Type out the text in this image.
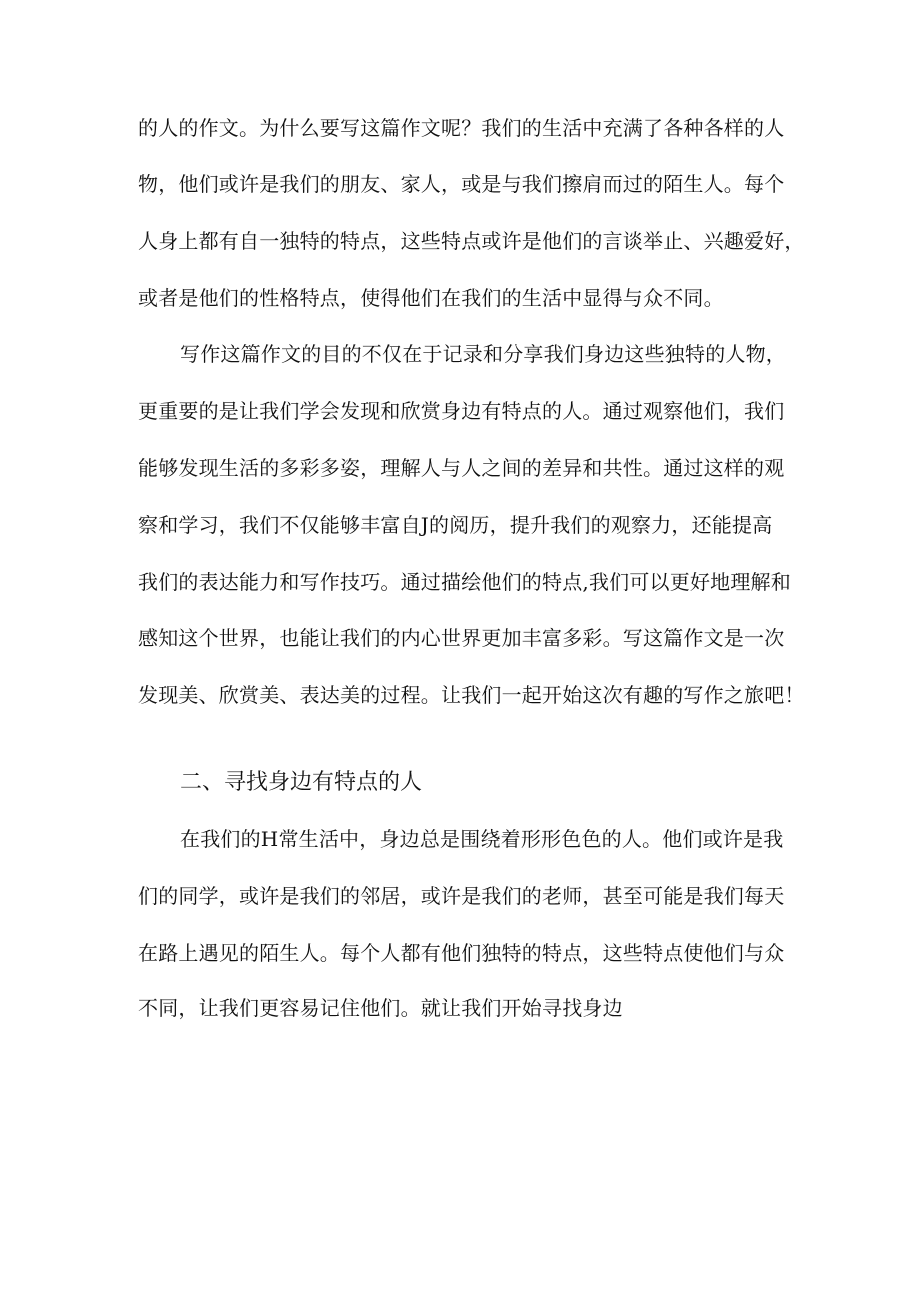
的人的作文。为什么要写这篇作文呢？我们的生活中充满了各种各样的人
物，他们或许是我们的朋友、家人，或是与我们擦肩而过的陌生人。每个
人身上都有自一独特的特点，这些特点或许是他们的言谈举止、兴趣爱好，
或者是他们的性格特点，使得他们在我们的生活中显得与众不同。
写作这篇作文的目的不仅在于记录和分享我们身边这些独特的人物，
更重要的是让我们学会发现和欣赏身边有特点的人。通过观察他们，我们
能够发现生活的多彩多姿，理解人与人之间的差异和共性。通过这样的观
察和学习，我们不仅能够丰富自J的阅历，提升我们的观察力，还能提高
我们的表达能力和写作技巧。通过描绘他们的特点,我们可以更好地理解和
感知这个世界，也能让我们的内心世界更加丰富多彩。写这篇作文是一次
发现美、欣赏美、表达美的过程。让我们一起开始这次有趣的写作之旅吧！
二、寻找身边有特点的人
在我们的H常生活中，身边总是围绕着形形色色的人。他们或许是我
们的同学，或许是我们的邻居，或许是我们的老师，甚至可能是我们每天
在路上遇见的陌生人。每个人都有他们独特的特点，这些特点使他们与众
不同，让我们更容易记住他们。就让我们开始寻找身边
